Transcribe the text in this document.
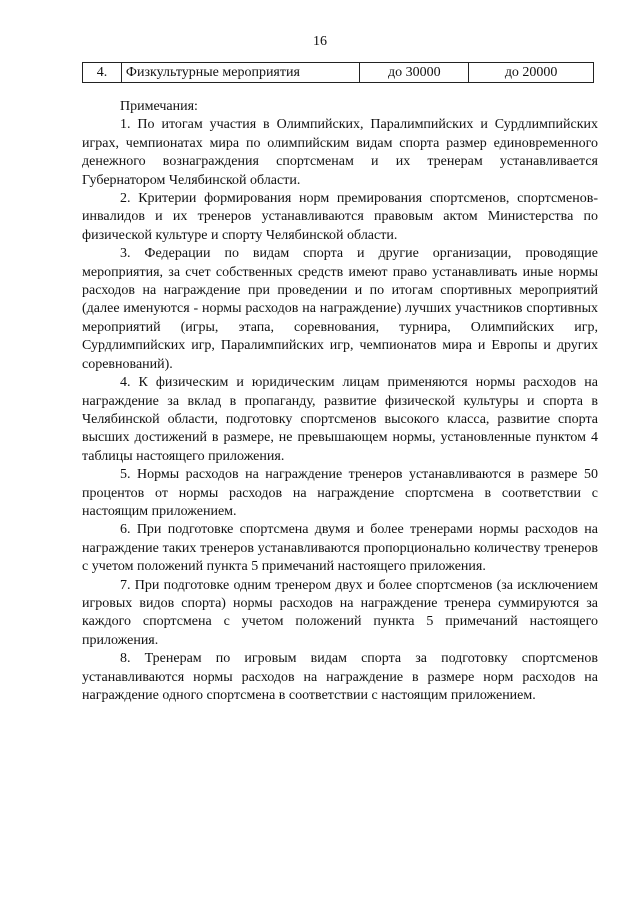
16
4.	Физкультурные мероприятия	до 30000	до 20000

Примечания:

1. По итогам участия в Олимпийских, Паралимпийских и Сурдлимпийских играх, чемпионатах мира по олимпийским видам спорта размер единовременного денежного вознаграждения спортсменам и их тренерам устанавливается Губернатором Челябинской области.

2. Критерии формирования норм премирования спортсменов, спортсменов-инвалидов и их тренеров устанавливаются правовым актом Министерства по физической культуре и спорту Челябинской области.

3. Федерации по видам спорта и другие организации, проводящие мероприятия, за счет собственных средств имеют право устанавливать иные нормы расходов на награждение при проведении и по итогам спортивных мероприятий (далее именуются - нормы расходов на награждение) лучших участников спортивных мероприятий (игры, этапа, соревнования, турнира, Олимпийских игр, Сурдлимпийских игр, Паралимпийских игр, чемпионатов мира и Европы и других соревнований).

4. К физическим и юридическим лицам применяются нормы расходов на награждение за вклад в пропаганду, развитие физической культуры и спорта в Челябинской области, подготовку спортсменов высокого класса, развитие спорта высших достижений в размере, не превышающем нормы, установленные пунктом 4 таблицы настоящего приложения.

5. Нормы расходов на награждение тренеров устанавливаются в размере 50 процентов от нормы расходов на награждение спортсмена в соответствии с настоящим приложением.

6. При подготовке спортсмена двумя и более тренерами нормы расходов на награждение таких тренеров устанавливаются пропорционально количеству тренеров с учетом положений пункта 5 примечаний настоящего приложения.

7. При подготовке одним тренером двух и более спортсменов (за исключением игровых видов спорта) нормы расходов на награждение тренера суммируются за каждого спортсмена с учетом положений пункта 5 примечаний настоящего приложения.

8. Тренерам по игровым видам спорта за подготовку спортсменов устанавливаются нормы расходов на награждение в размере норм расходов на награждение одного спортсмена в соответствии с настоящим приложением.
